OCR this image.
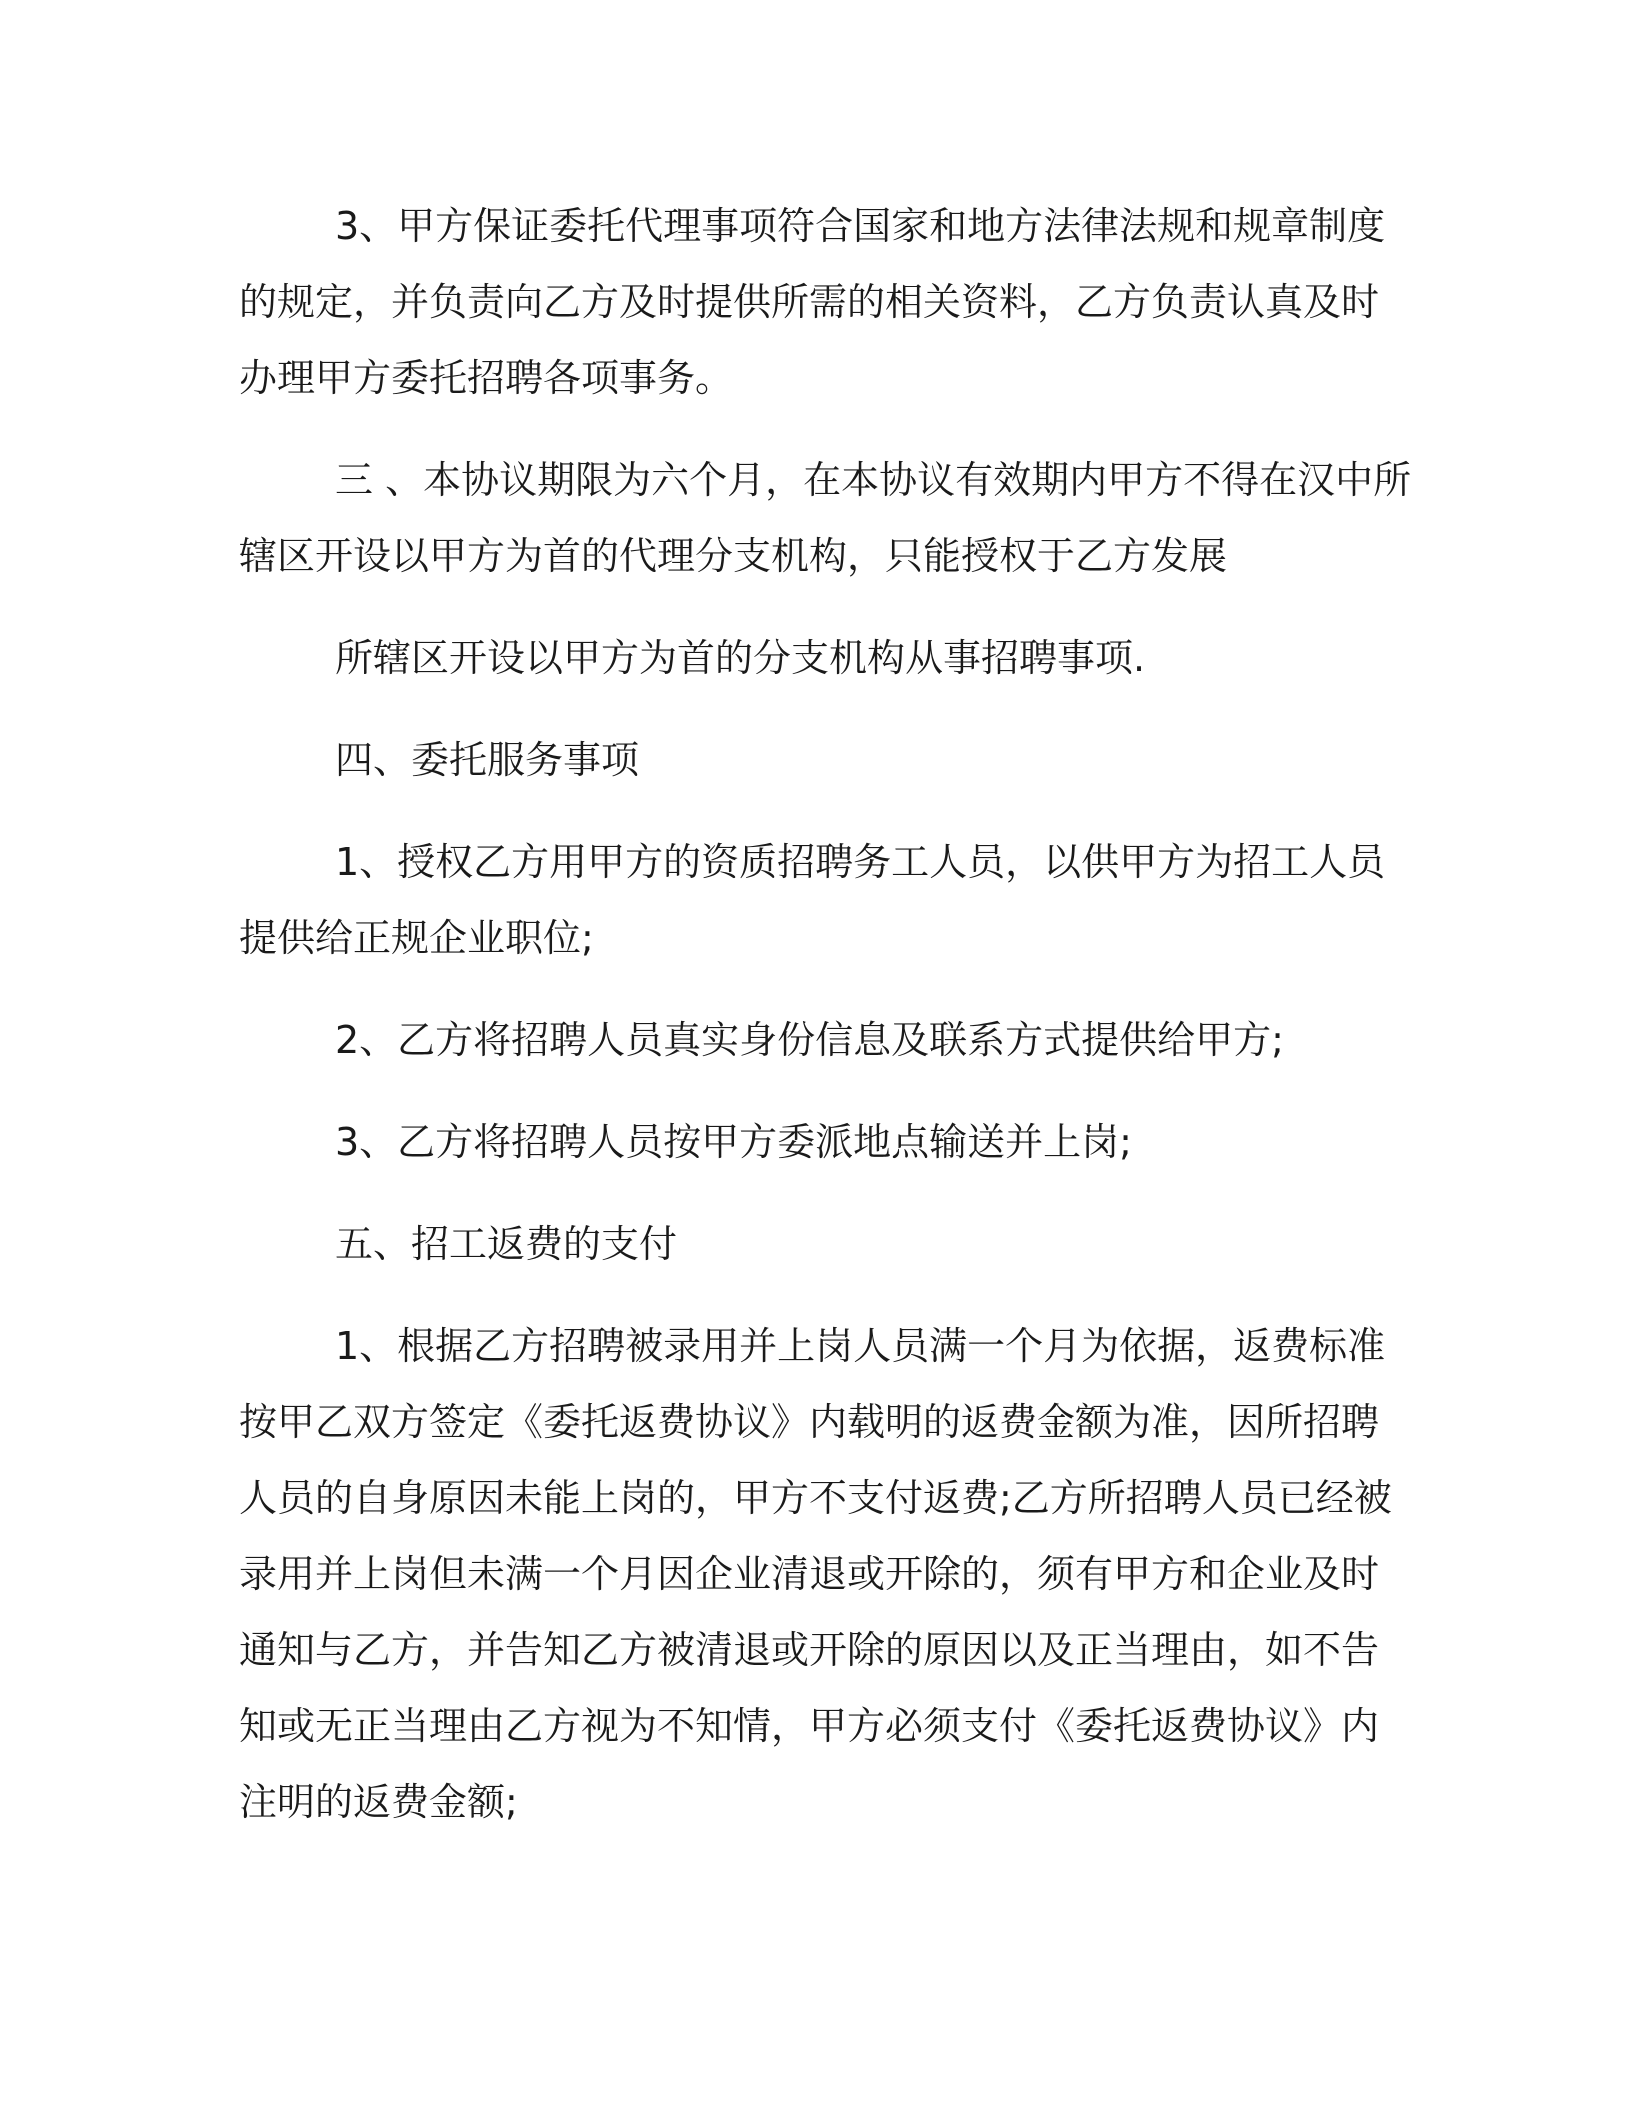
3、甲方保证委托代理事项符合国家和地方法律法规和规章制度
的规定，并负责向乙方及时提供所需的相关资料，乙方负责认真及时
办理甲方委托招聘各项事务。
三 、本协议期限为六个月，在本协议有效期内甲方不得在汉中所
辖区开设以甲方为首的代理分支机构，只能授权于乙方发展
所辖区开设以甲方为首的分支机构从事招聘事项.
四、委托服务事项
1、授权乙方用甲方的资质招聘务工人员，以供甲方为招工人员
提供给正规企业职位;
2、乙方将招聘人员真实身份信息及联系方式提供给甲方;
3、乙方将招聘人员按甲方委派地点输送并上岗;
五、招工返费的支付
1、根据乙方招聘被录用并上岗人员满一个月为依据，返费标准
按甲乙双方签定《委托返费协议》内载明的返费金额为准，因所招聘
人员的自身原因未能上岗的，甲方不支付返费;乙方所招聘人员已经被
录用并上岗但未满一个月因企业清退或开除的，须有甲方和企业及时
通知与乙方，并告知乙方被清退或开除的原因以及正当理由，如不告
知或无正当理由乙方视为不知情，甲方必须支付《委托返费协议》内
注明的返费金额;
